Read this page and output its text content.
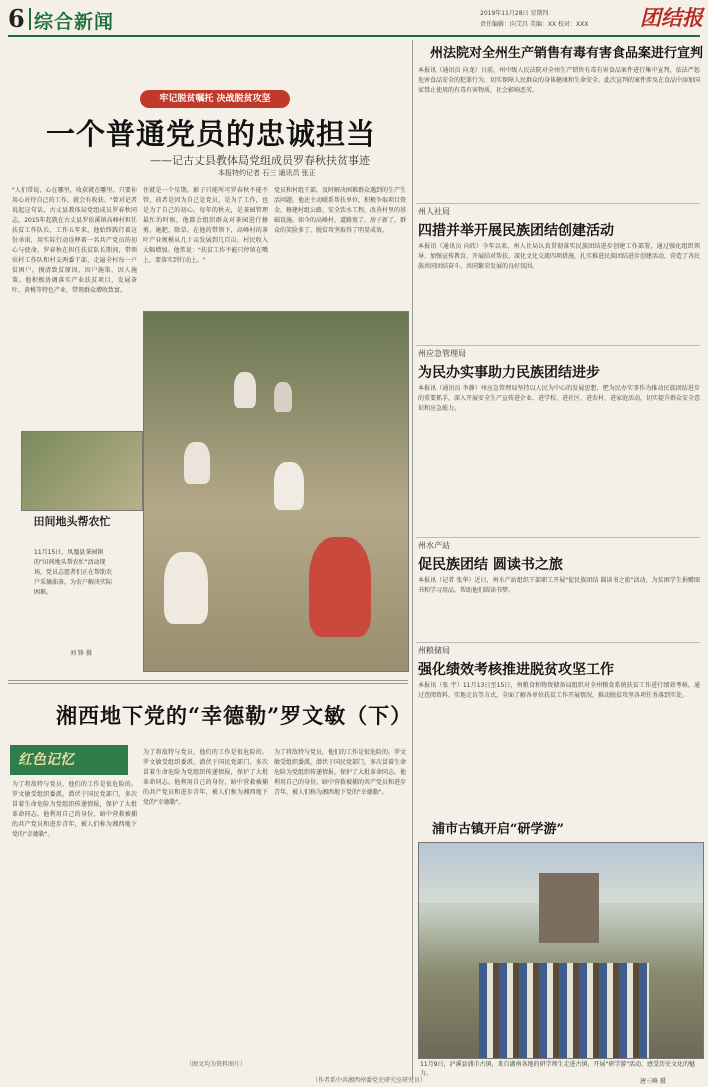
6 综合新闻	2019年11月28日 星期四
责任编辑：向艾昌 美编：XX 校对：XXX 团结报
牢记脱贫嘱托 决战脱贫攻坚
一个普通党员的忠诚担当
——记古丈县教体局党组成员罗春秋扶贫事迹
本报特约记者 石三 通讯员 张正
"人们常说，心在哪里，收获就在哪里。只要你用心对待自己的工作，就会有收获。"曾对记者说起这句话，古丈县教体局党组成员罗春秋同志，2015年起就在古丈县罗依溪镇高峰村担任扶贫工作队长，工作五年来，他始终践行着这份承诺，用实际行动诠释着一名共产党员的初心与使命。罗春秋在担任扶贫队长期间，带领驻村工作队和村支两委干部，走遍全村每一户贫困户，摸清致贫原因，因户施策，因人施策。他积极协调落实产业扶贫项目，发展茶叶、黄桃等特色产业，带领群众增收致富。
住就是一个星期，影子只能所可罗春秋不能不管，前者是因为自己是党员，是为了工作，也是为了自己的初心。每年的秋天，是茶园管理最忙的时候，他都会组织群众对茶园进行修剪、施肥、除草。在他的带领下，高峰村的茶叶产业规模从几十亩发展到几百亩，村民收入大幅增加。他常说："扶贫工作不能只停留在嘴上，要落实到行动上。"
党员和村组干部，及时解决困难群众遇到的生产生活问题。他还主动联系帮扶单位，积极争取项目资金，修建村组公路、安全饮水工程，改善村里的基础设施。如今的高峰村，道路宽了，房子新了，群众的笑脸多了，脱贫攻坚取得了明显成效。
田间地头帮农忙
11月15日，凤凰县茶园镇的"田间地头帮农忙"活动现场，党员志愿者们正在帮助农户采摘油茶，为农户解决实际困难。
刘 锋 摄
湘西地下党的“幸德勒”罗文敏（下）
红色记忆
为了将敌特与党员，他们的工作是很危险的。罗文敏受组织委派，潜伏于国民党部门，多次冒着生命危险为党组织传递情报，保护了大批革命同志。他利用自己的身份，暗中营救被捕的共产党员和进步青年，被人们称为湘西地下党的"幸德勒"。
为了将敌特与党员，他们的工作是很危险的。罗文敏受组织委派，潜伏于国民党部门，多次冒着生命危险为党组织传递情报，保护了大批革命同志。他利用自己的身份，暗中营救被捕的共产党员和进步青年，被人们称为湘西地下党的"幸德勒"。
为了将敌特与党员，他们的工作是很危险的。罗文敏受组织委派，潜伏于国民党部门，多次冒着生命危险为党组织传递情报，保护了大批革命同志。他利用自己的身份，暗中营救被捕的共产党员和进步青年，被人们称为湘西地下党的"幸德勒"。
（图文均为资料图片）
（作者系中共湘西州委党史研究室研究员）
州法院对全州生产销售有毒有害食品案进行宣判
本报讯（通讯员 向龙）日前，州中级人民法院对全州生产销售有毒有害食品案件进行集中宣判，依法严惩危害食品安全的犯罪行为，切实保障人民群众的身体健康和生命安全。此次宣判的案件涉及在食品中添加国家禁止使用的有毒有害物质，社会影响恶劣。
州人社局
四措并举开展民族团结创建活动
本报讯（通讯员 向欣）今年以来，州人社局认真贯彻落实民族团结进步创建工作部署，通过强化组织领导、加强宣传教育、开展结对帮扶、深化文化交流四项措施，扎实推进民族团结进步创建活动，营造了各民族共同团结奋斗、共同繁荣发展的良好氛围。
州应急管理局
为民办实事助力民族团结进步
本报讯（通讯员 李静）州应急管理局坚持以人民为中心的发展思想，把为民办实事作为推动民族团结进步的重要抓手，深入开展安全生产宣传进企业、进学校、进社区、进农村、进家庭活动，切实提升群众安全意识和应急能力。
州水产站
促民族团结 圆读书之旅
本报讯（记者 张华）近日，州水产站组织干部职工开展"促民族团结 圆读书之旅"活动，为贫困学生捐赠图书和学习用品，帮助他们圆读书梦。
州粮储局
强化绩效考核推进脱贫攻坚工作
本报讯（张 宇）11月13日至15日，州粮食和物资储备局组织对全州粮食系统扶贫工作进行绩效考核，通过查阅资料、实地走访等方式，全面了解各单位扶贫工作开展情况，推动脱贫攻坚各项任务落到实处。
浦市古镇开启“研学游”
11月9日，泸溪县浦市古镇，来自湖南各地的研学师生走进古镇，开展"研学游"活动，感受历史文化的魅力。
唐三峰 摄
